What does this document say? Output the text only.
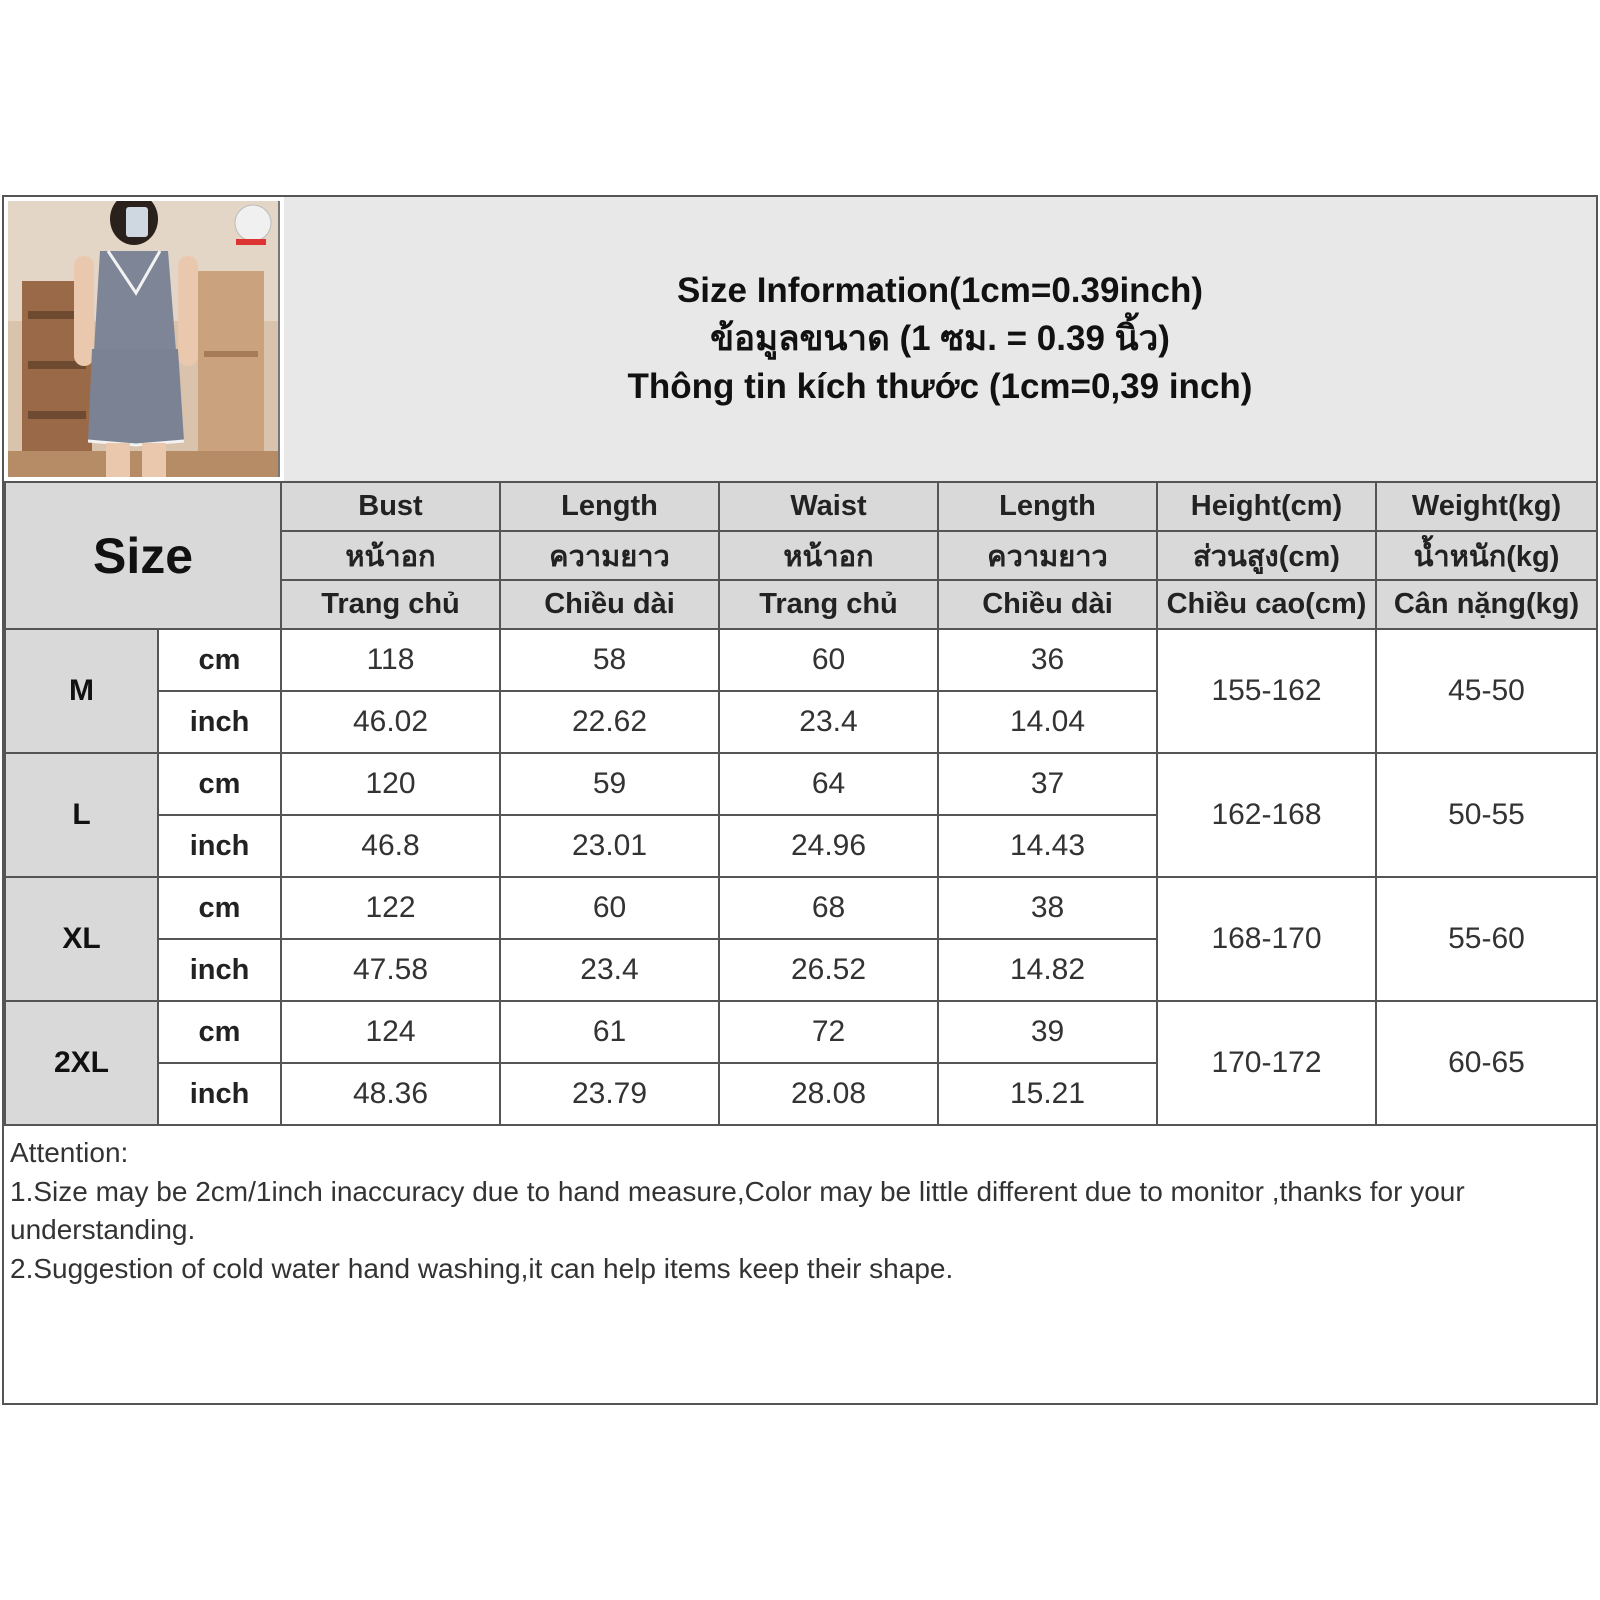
Size Information(1cm=0.39inch)
ข้อมูลขนาด (1 ซม. = 0.39 นิ้ว)
Thông tin kích thước (1cm=0,39 inch)
Size		Bust	Length	Waist	Length	Height(cm)	Weight(kg)
		หน้าอก	ความยาว	หน้าอก	ความยาว	ส่วนสูง(cm)	น้ำหนัก(kg)
		Trang chủ	Chiều dài	Trang chủ	Chiều dài	Chiều cao(cm)	Cân nặng(kg)
M	cm	118	58	60	36	155-162	45-50
	inch	46.02	22.62	23.4	14.04		
L	cm	120	59	64	37	162-168	50-55
	inch	46.8	23.01	24.96	14.43		
XL	cm	122	60	68	38	168-170	55-60
	inch	47.58	23.4	26.52	14.82		
2XL	cm	124	61	72	39	170-172	60-65
	inch	48.36	23.79	28.08	15.21		
Attention:
1.Size may be 2cm/1inch inaccuracy due to hand measure,Color may be little different due to monitor ,thanks for your understanding.
2.Suggestion of cold water hand washing,it can help items keep their shape.
